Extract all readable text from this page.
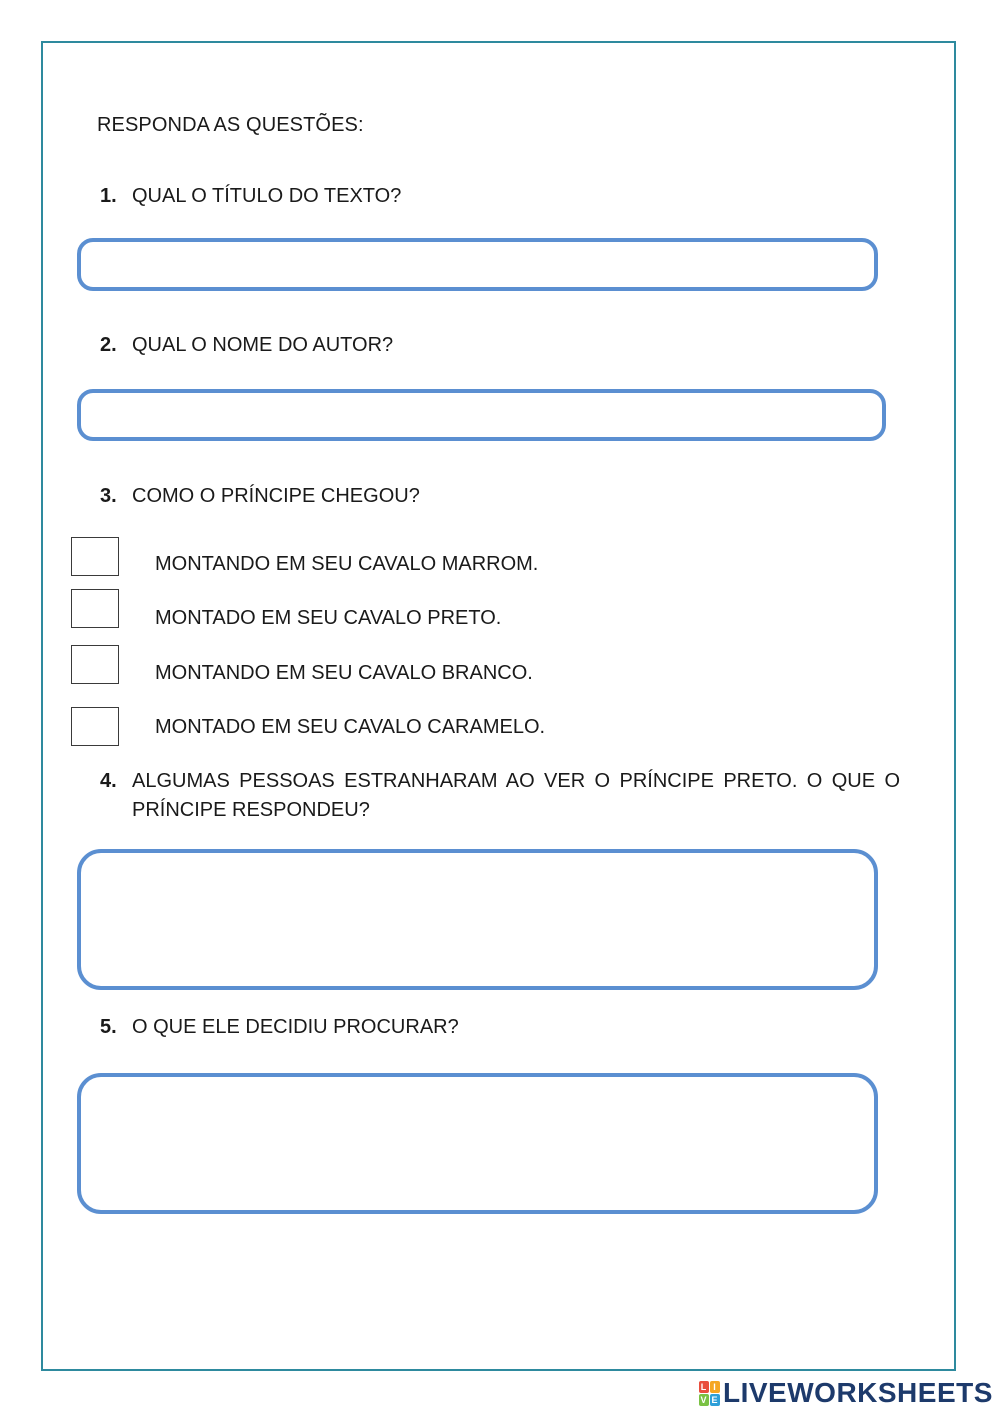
RESPONDA AS QUESTÕES:
1. QUAL O TÍTULO DO TEXTO?
2. QUAL O NOME DO AUTOR?
3. COMO O PRÍNCIPE CHEGOU?
MONTANDO EM SEU CAVALO MARROM.
MONTADO EM SEU CAVALO PRETO.
MONTANDO EM SEU CAVALO BRANCO.
MONTADO EM SEU CAVALO CARAMELO.
4. ALGUMAS PESSOAS ESTRANHARAM AO VER O PRÍNCIPE PRETO. O QUE O PRÍNCIPE RESPONDEU?
5. O QUE ELE DECIDIU PROCURAR?
L I
V E LIVEWORKSHEETS
